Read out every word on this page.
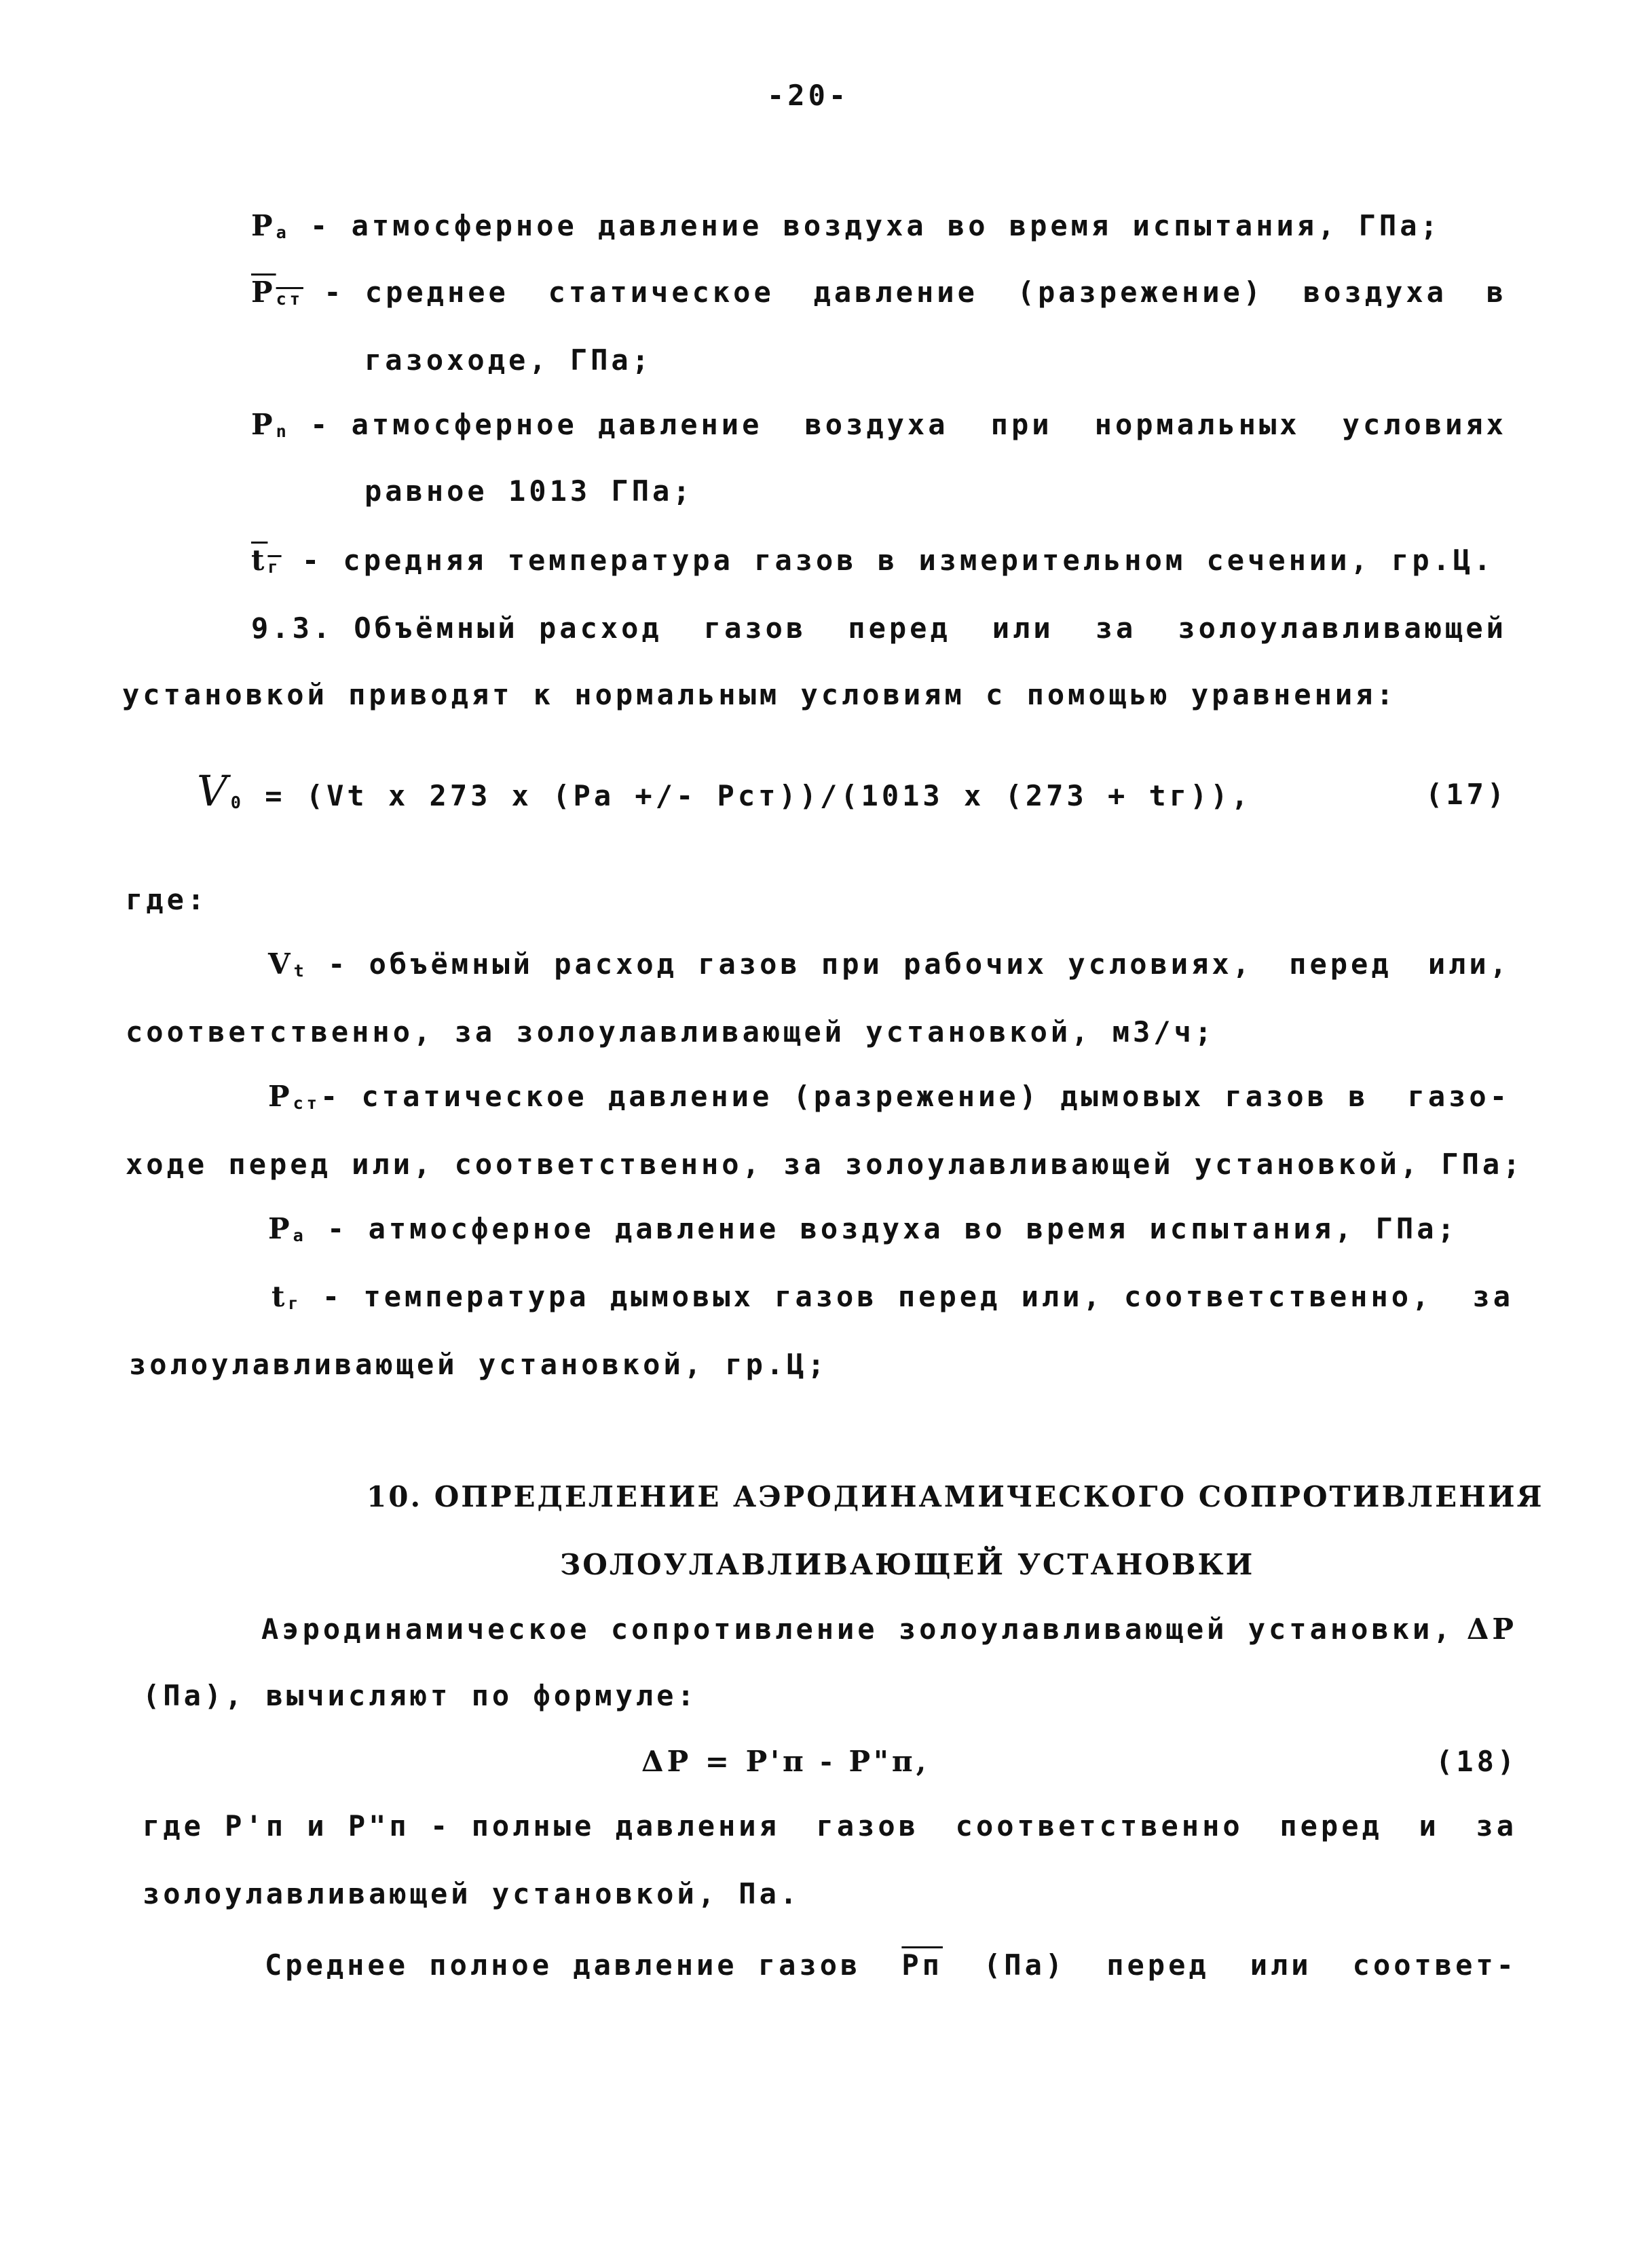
-20-
Pa - атмосферное давление воздуха во время испытания, ГПа;
$\overline{P}ст$ - среднее статическое давление (разрежение) воздуха в
газоходе, ГПа;
Pn - атмосферное давление воздуха при нормальных условиях
равное 1013 ГПа;
$\overline{t}г$ - средняя температура газов в измерительном сечении, гр.Ц.
9.3. Объёмный расход газов перед или за золоулавливающей
установкой приводят к нормальным условиям с помощью уравнения:
V0 = (Vt x 273 x (Pa +/- Pст))/(1013 x (273 + tг)),	(17)
где:
Vt - объёмный расход газов при рабочих условиях, перед или,
соответственно, за золоулавливающей установкой, м3/ч;
Pст- статическое давление (разрежение) дымовых газов в газо-
ходе перед или, соответственно, за золоулавливающей установкой, ГПа;
Pa - атмосферное давление воздуха во время испытания, ГПа;
tг - температура дымовых газов перед или, соответственно, за
золоулавливающей установкой, гр.Ц;
10. ОПРЕДЕЛЕНИЕ АЭРОДИНАМИЧЕСКОГО СОПРОТИВЛЕНИЯ
ЗОЛОУЛАВЛИВАЮЩЕЙ УСТАНОВКИ
Аэродинамическое сопротивление золоулавливающей установки, ΔP
(Па), вычисляют по формуле:
ΔP = P'п - P"п,	(18)
где P'п и P"п - полные давления газов соответственно перед и за
золоулавливающей установкой, Па.
Среднее полное давление газов Pп (Па) перед или соответ-
